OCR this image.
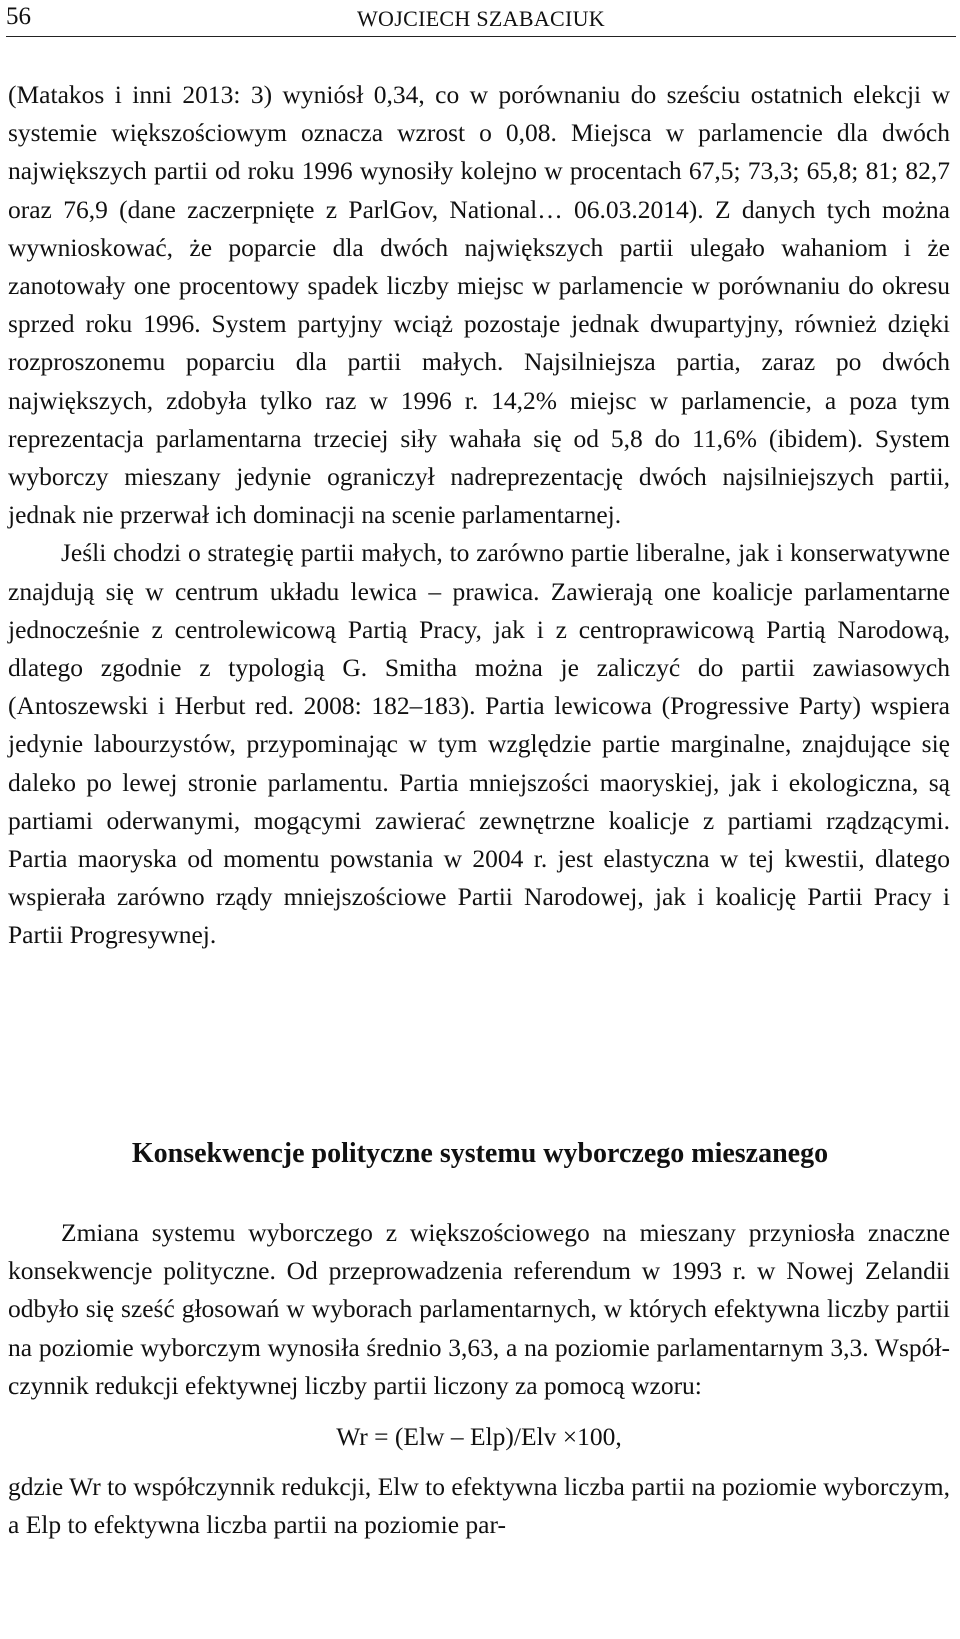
56	WOJCIECH SZABACIUK

(Matakos i inni 2013: 3) wyniósł 0,34, co w porównaniu do sześciu ostatnich elekcji w systemie większościowym oznacza wzrost o 0,08. Miejsca w parlamencie dla dwóch największych partii od roku 1996 wynosiły kolejno w procentach 67,5; 73,3; 65,8; 81; 82,7 oraz 76,9 (dane zaczerpnięte z ParlGov, National… 06.03.2014). Z danych tych można wywnioskować, że poparcie dla dwóch największych partii ulegało wahaniom i że zanotowały one procentowy spadek liczby miejsc w parlamencie w porównaniu do okresu sprzed roku 1996. System partyjny wciąż pozostaje jednak dwupartyjny, również dzięki rozproszonemu poparciu dla partii małych. Najsilniejsza partia, zaraz po dwóch największych, zdobyła tylko raz w 1996 r. 14,2% miejsc w parlamencie, a poza tym reprezentacja parlamentarna trzeciej siły wahała się od 5,8 do 11,6% (ibidem). System wyborczy mieszany jedynie ograniczył nadreprezentację dwóch najsilniejszych partii, jednak nie przerwał ich dominacji na scenie parlamentarnej.

Jeśli chodzi o strategię partii małych, to zarówno partie liberalne, jak i konserwatywne znajdują się w centrum układu lewica – prawica. Zawierają one koalicje parlamentarne jednocześnie z centrolewicową Partią Pracy, jak i z centroprawicową Partią Narodową, dlatego zgodnie z typologią G. Smitha można je zaliczyć do partii zawiasowych (Antoszewski i Herbut red. 2008: 182–183). Partia lewicowa (Progressive Party) wspiera jedynie labourzystów, przypominając w tym względzie partie marginalne, znajdujące się daleko po lewej stronie parlamentu. Partia mniejszości maoryskiej, jak i ekologiczna, są partiami oderwanymi, mogącymi zawierać zewnętrzne koalicje z partiami rządzącymi. Partia maoryska od momentu powstania w 2004 r. jest elastyczna w tej kwestii, dlatego wspierała zarówno rządy mniejszościowe Partii Narodowej, jak i koalicję Partii Pracy i Partii Progresywnej.

Konsekwencje polityczne systemu wyborczego mieszanego

Zmiana systemu wyborczego z większościowego na mieszany przyniosła znaczne konsekwencje polityczne. Od przeprowadzenia referendum w 1993 r. w Nowej Zelandii odbyło się sześć głosowań w wyborach parlamentarnych, w których efektywna liczby partii na poziomie wyborczym wynosiła średnio 3,63, a na poziomie parlamentarnym 3,3. Współczynnik redukcji efektywnej liczby partii liczony za pomocą wzoru:

Wr = (Elw – Elp)/Elv ×100,

gdzie Wr to współczynnik redukcji, Elw to efektywna liczba partii na poziomie wyborczym, a Elp to efektywna liczba partii na poziomie par-
